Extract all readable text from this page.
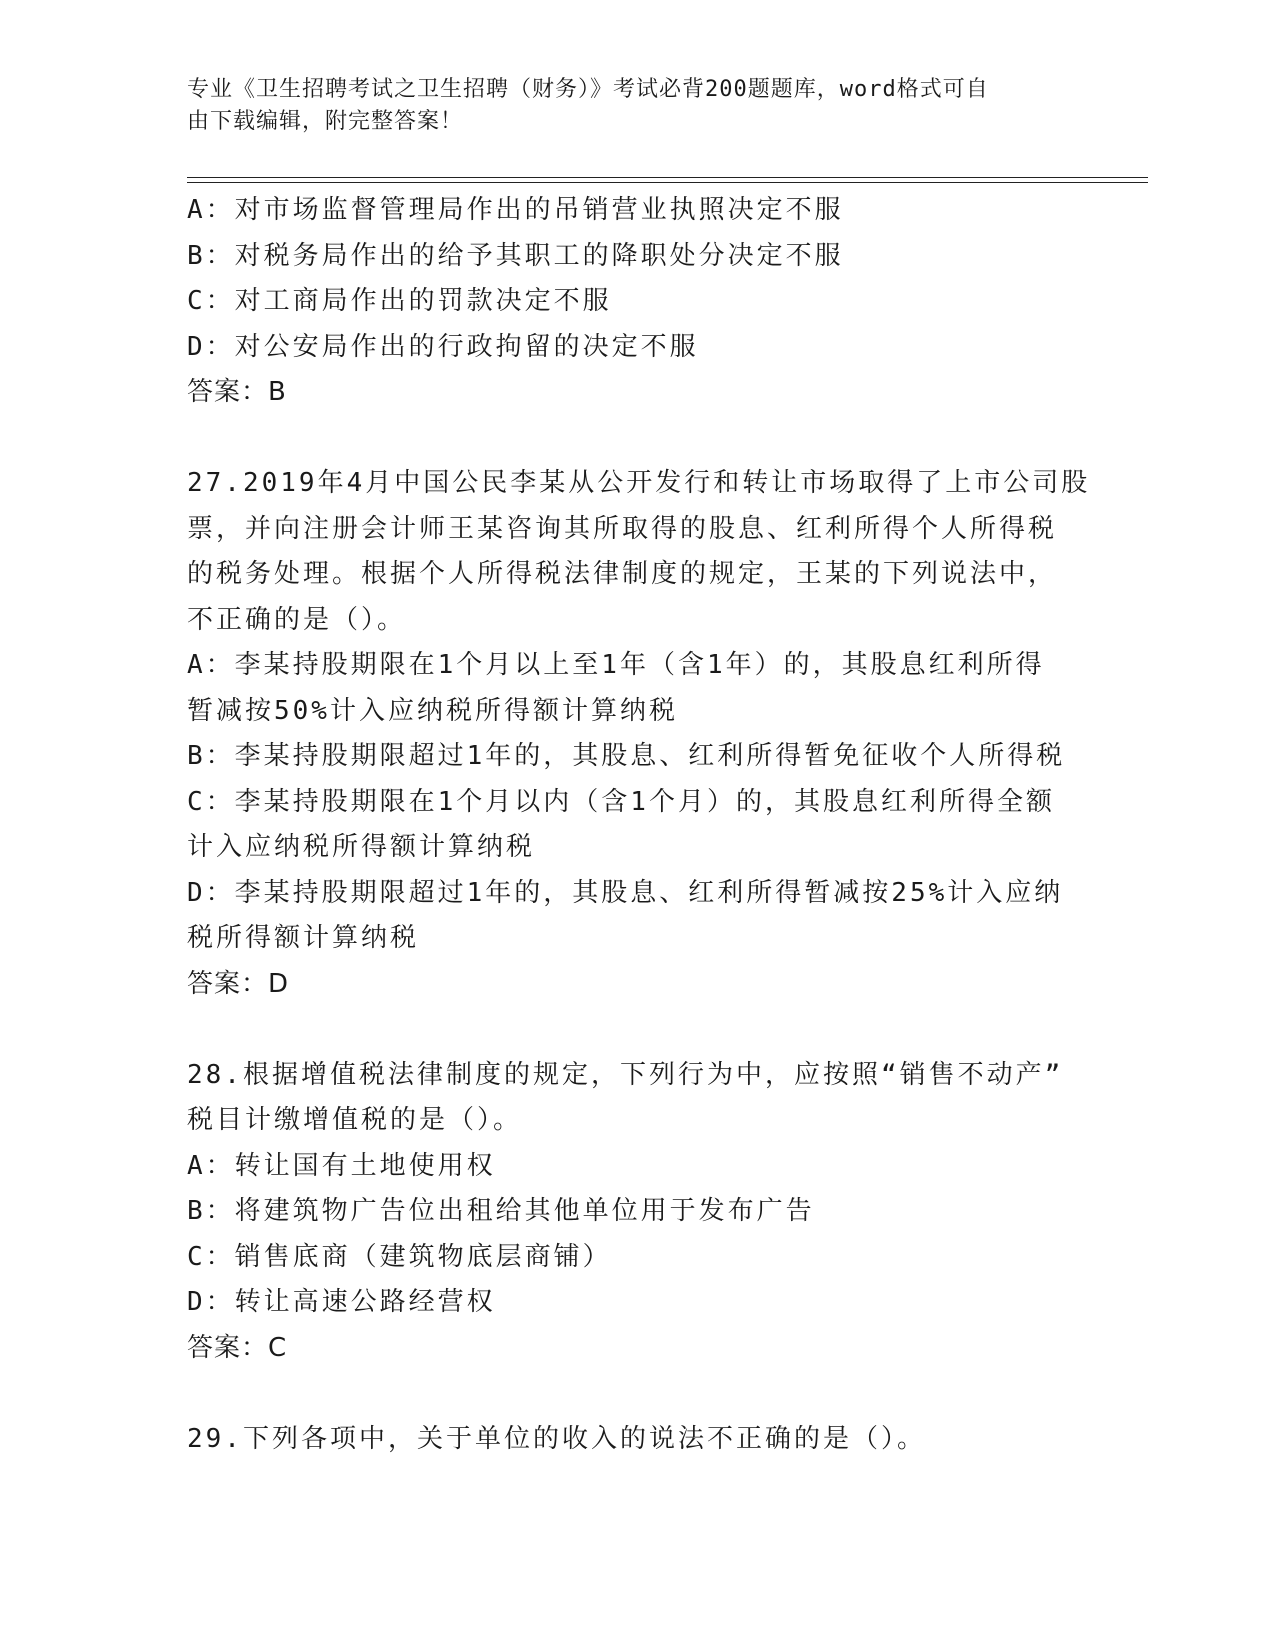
专业《卫生招聘考试之卫生招聘（财务）》考试必背200题题库，word格式可自
由下载编辑，附完整答案！
A：对市场监督管理局作出的吊销营业执照决定不服
B：对税务局作出的给予其职工的降职处分决定不服
C：对工商局作出的罚款决定不服
D：对公安局作出的行政拘留的决定不服
答案：B
27.2019年4月中国公民李某从公开发行和转让市场取得了上市公司股
票，并向注册会计师王某咨询其所取得的股息、红利所得个人所得税
的税务处理。根据个人所得税法律制度的规定，王某的下列说法中，
不正确的是（）。
A：李某持股期限在1个月以上至1年（含1年）的，其股息红利所得
暂减按50%计入应纳税所得额计算纳税
B：李某持股期限超过1年的，其股息、红利所得暂免征收个人所得税
C：李某持股期限在1个月以内（含1个月）的，其股息红利所得全额
计入应纳税所得额计算纳税
D：李某持股期限超过1年的，其股息、红利所得暂减按25%计入应纳
税所得额计算纳税
答案：D
28.根据增值税法律制度的规定，下列行为中，应按照“销售不动产”
税目计缴增值税的是（）。
A：转让国有土地使用权
B：将建筑物广告位出租给其他单位用于发布广告
C：销售底商（建筑物底层商铺）
D：转让高速公路经营权
答案：C
29.下列各项中，关于单位的收入的说法不正确的是（）。
